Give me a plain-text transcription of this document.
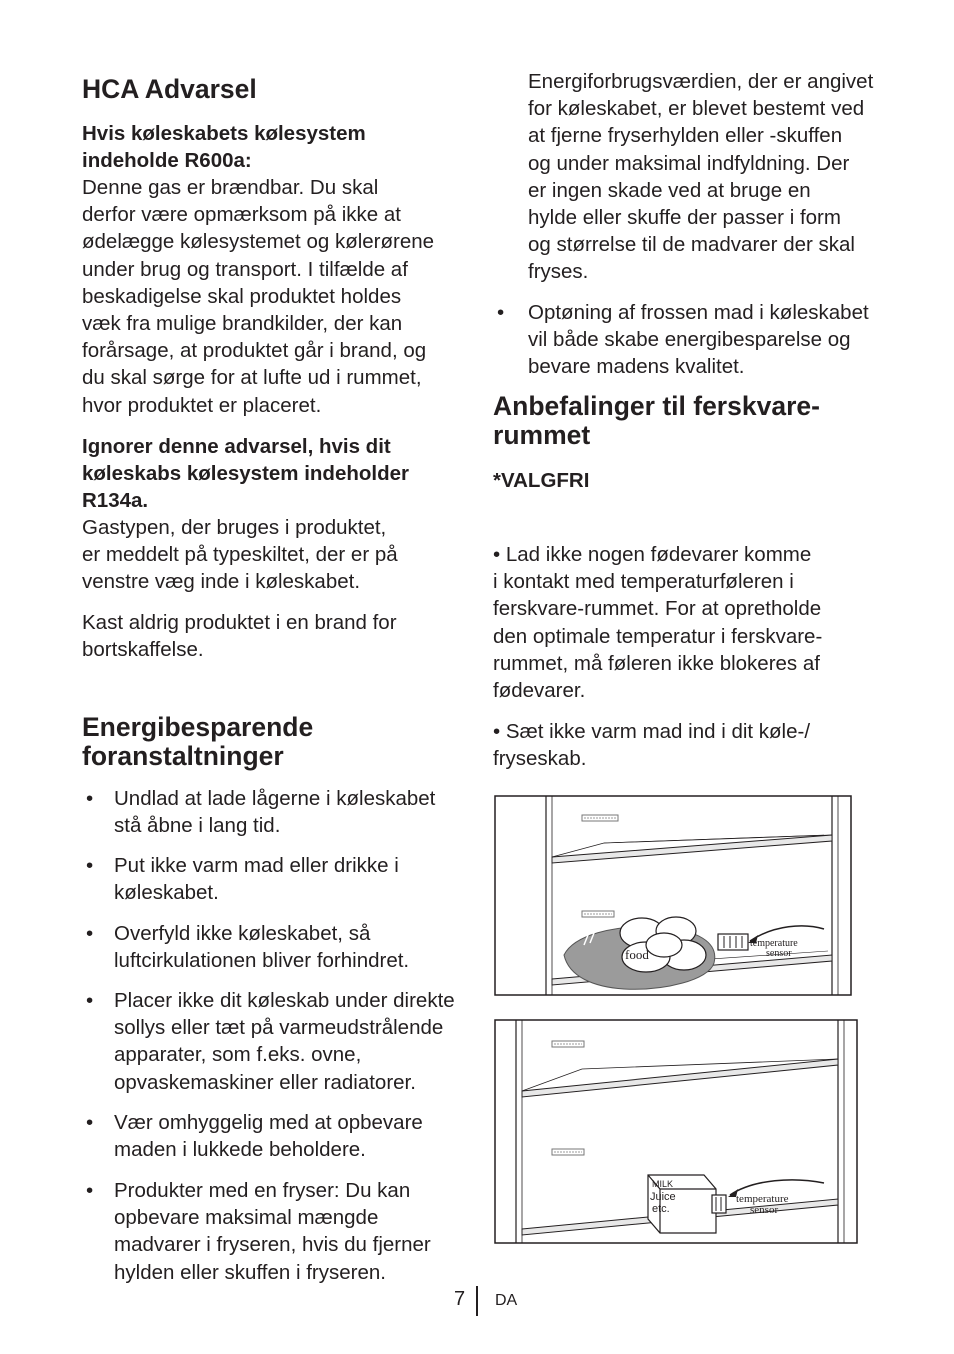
HCA Advarsel
Hvis køleskabets kølesystem
indeholde R600a:
Denne gas er brændbar. Du skal
derfor være opmærksom på ikke at
ødelægge kølesystemet og kølerørene
under brug og transport. I tilfælde af
beskadigelse skal produktet holdes
væk fra mulige brandkilder, der kan
forårsage, at produktet går i brand, og
du skal sørge for at lufte ud i rummet,
hvor produktet er placeret.
Ignorer denne advarsel, hvis dit
køleskabs kølesystem indeholder
R134a.
Gastypen, der bruges i produktet,
er meddelt på typeskiltet, der er på
venstre væg inde i køleskabet.
Kast aldrig produktet i en brand for
bortskaffelse.
Energibesparende
foranstaltninger
• Undlad at lade lågerne i køleskabet
stå åbne i lang tid.
• Put ikke varm mad eller drikke i
køleskabet.
• Overfyld ikke køleskabet, så
luftcirkulationen bliver forhindret.
• Placer ikke dit køleskab under direkte
sollys eller tæt på varmeudstrålende
apparater, som f.eks. ovne,
opvaskemaskiner eller radiatorer.
• Vær omhyggelig med at opbevare
maden i lukkede beholdere.
• Produkter med en fryser: Du kan
opbevare maksimal mængde
madvarer i fryseren, hvis du fjerner
hylden eller skuffen i fryseren.
Energiforbrugsværdien, der er angivet
for køleskabet, er blevet bestemt ved
at fjerne fryserhylden eller -skuffen
og under maksimal indfyldning. Der
er ingen skade ved at bruge en
hylde eller skuffe der passer i form
og størrelse til de madvarer der skal
fryses.
• Optøning af frossen mad i køleskabet
vil både skabe energibesparelse og
bevare madens kvalitet.
Anbefalinger til ferskvare-
rummet
*VALGFRI
• Lad ikke nogen fødevarer komme
i kontakt med temperaturføleren i
ferskvare-rummet. For at opretholde
den optimale temperatur i ferskvare-
rummet, må føleren ikke blokeres af
fødevarer.
• Sæt ikke varm mad ind i dit køle-/
fryseskab.
food
temperature
sensor
MILK
Juice
etc.
temperature
sensor
7 DA
